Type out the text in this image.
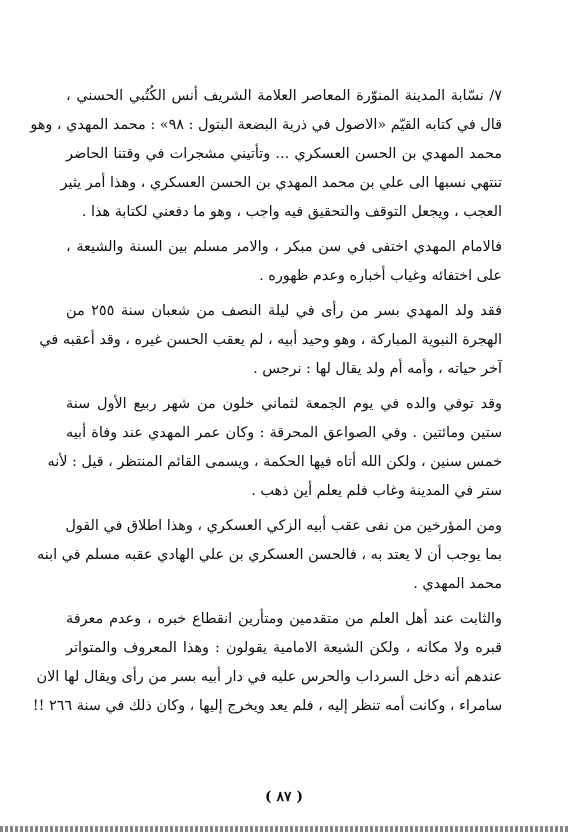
٧/ نسّابة المدينة المنوّرة المعاصر العلامة الشريف أنس الكُتُبي الحسني ،
قال في كتابه القيّم «الاصول في ذرية البضعة البتول : ٩٨» : محمد المهدي ، وهو
محمد المهدي بن الحسن العسكري ... وتأتيني مشجرات في وقتنا الحاضر
تنتهي نسبها الى علي بن محمد المهدي بن الحسن العسكري ، وهذا أمر يثير
العجب ، ويجعل التوقف والتحقيق فيه واجب ، وهو ما دفعني لكتابة هذا .
فالامام المهدي اختفى في سن مبكر ، والامر مسلم بين السنة والشيعة ،
على اختفائه وغياب أخباره وعدم ظهوره .
فقد ولد المهدي بسر من رأى في ليلة النصف من شعبان سنة ٢٥٥ من
الهجرة النبوية المباركة ، وهو وحيد أبيه ، لم يعقب الحسن غيره ، وقد أعقبه في
آخر حياته ، وأمه أم ولد يقال لها : نرجس .
وقد توفي والده في يوم الجمعة لثماني خلون من شهر ربيع الأول سنة
ستين ومائتين . وفي الصواعق المحرقة : وكان عمر المهدي عند وفاة أبيه
خمس سنين ، ولكن الله أتاه فيها الحكمة ، ويسمى القائم المنتظر ، قيل : لأنه
ستر في المدينة وغاب فلم يعلم أين ذهب .
ومن المؤرخين من نفى عقب أبيه الزكي العسكري ، وهذا اطلاق في القول
بما يوجب أن لا يعتد به ، فالحسن العسكري بن علي الهادي عقبه مسلم في ابنه
محمد المهدي .
والثابت عند أهل العلم من متقدمين ومتأرين انقطاع خبره ، وعدم معرفة
قبره ولا مكانه ، ولكن الشيعة الامامية يقولون : وهذا المعروف والمتواتر
عندهم أنه دخل السرداب والحرس عليه في دار أبيه بسر من رأى ويقال لها الان
سامراء ، وكانت أمه تنظر إليه ، فلم يعد ويخرج إليها ، وكان ذلك في سنة ٢٦٦ !!
( ٨٧ )
